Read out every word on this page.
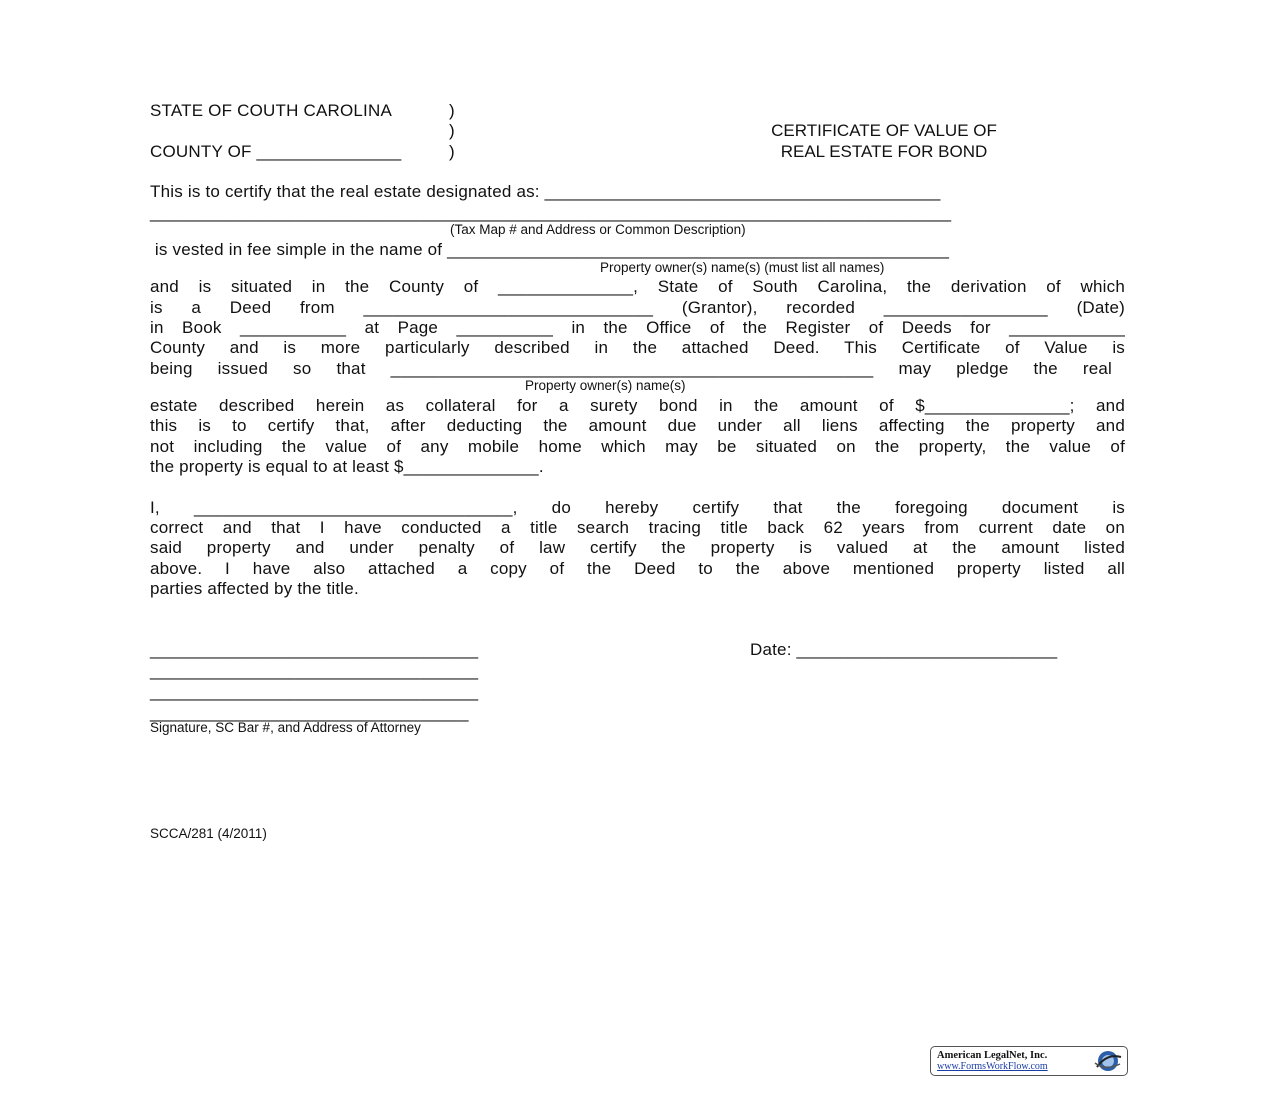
STATE OF COUTH CAROLINA	)
)
COUNTY OF _______________	)
CERTIFICATE OF VALUE OF
REAL ESTATE FOR BOND
This is to certify that the real estate designated as: _________________________________________
___________________________________________________________________________________
(Tax Map # and Address or Common Description)
is vested in fee simple in the name of ____________________________________________________
Property owner(s) name(s) (must list all names)
and is situated in the County of ______________, State of South Carolina, the derivation of which
is a Deed from ______________________________ (Grantor), recorded _________________ (Date)
in Book ___________ at Page __________ in the Office of the Register of Deeds for ____________
County and is more particularly described in the attached Deed. This Certificate of Value is
being issued so that __________________________________________________ may pledge the real
Property owner(s) name(s)
estate described herein as collateral for a surety bond in the amount of $_______________; and
this is to certify that, after deducting the amount due under all liens affecting the property and
not including the value of any mobile home which may be situated on the property, the value of
the property is equal to at least $______________.
I, _________________________________, do hereby certify that the foregoing document is
correct and that I have conducted a title search tracing title back 62 years from current date on
said property and under penalty of law certify the property is valued at the amount listed
above. I have also attached a copy of the Deed to the above mentioned property listed all
parties affected by the title.
__________________________________
__________________________________
__________________________________
_________________________________
Signature, SC Bar #, and Address of Attorney
Date: ___________________________
SCCA/281 (4/2011)
American LegalNet, Inc.
www.FormsWorkFlow.com
